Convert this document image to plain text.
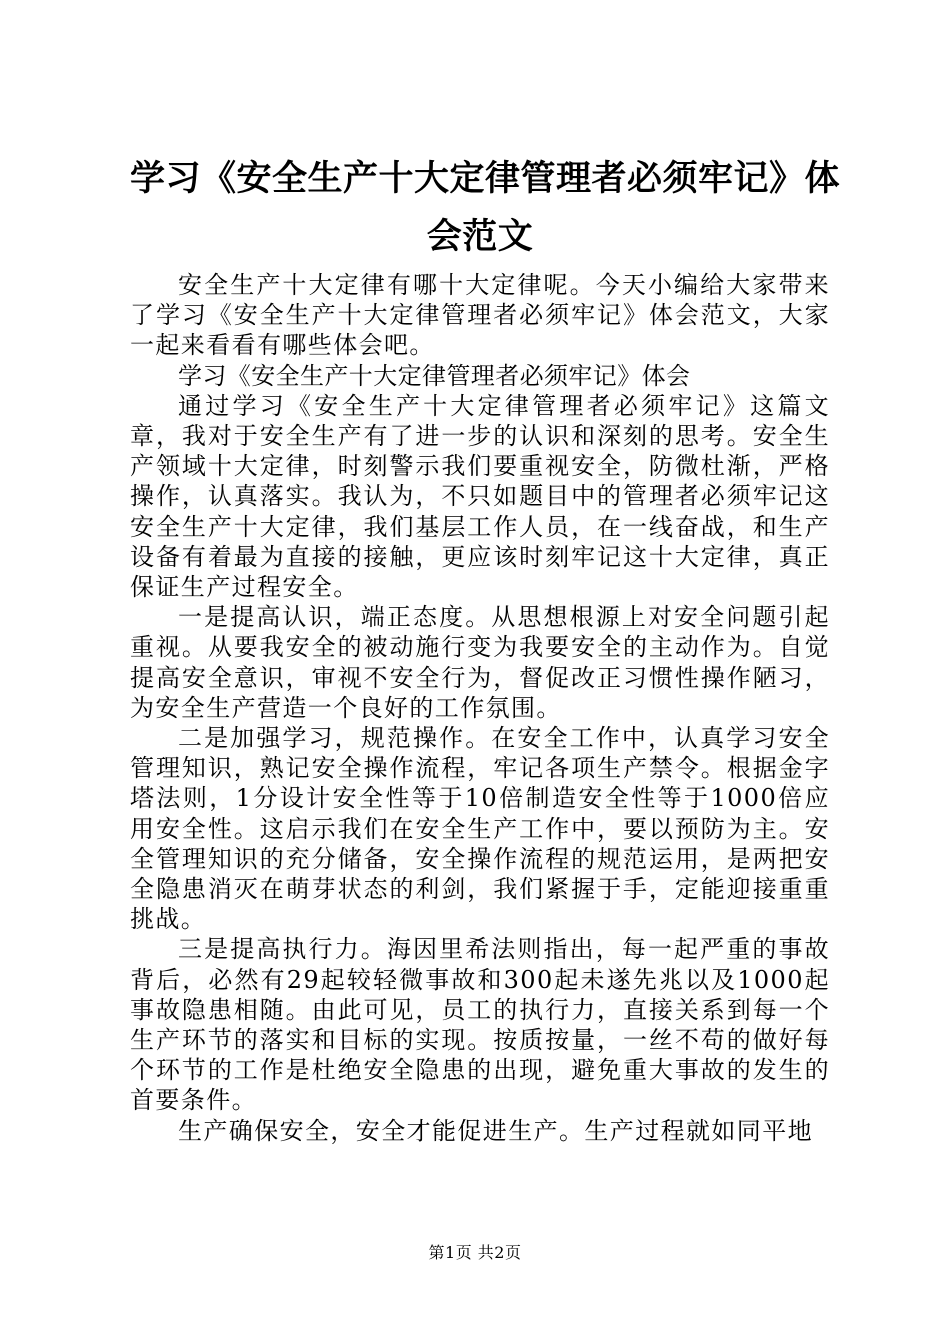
学习《安全生产十大定律管理者必须牢记》体
会范文

安全生产十大定律有哪十大定律呢。今天小编给大家带来了学习《安全生产十大定律管理者必须牢记》体会范文，大家一起来看看有哪些体会吧。

学习《安全生产十大定律管理者必须牢记》体会

通过学习《安全生产十大定律管理者必须牢记》这篇文章，我对于安全生产有了进一步的认识和深刻的思考。安全生产领域十大定律，时刻警示我们要重视安全，防微杜渐，严格操作，认真落实。我认为，不只如题目中的管理者必须牢记这安全生产十大定律，我们基层工作人员，在一线奋战，和生产设备有着最为直接的接触，更应该时刻牢记这十大定律，真正保证生产过程安全。

一是提高认识，端正态度。从思想根源上对安全问题引起重视。从要我安全的被动施行变为我要安全的主动作为。自觉提高安全意识，审视不安全行为，督促改正习惯性操作陋习，为安全生产营造一个良好的工作氛围。

二是加强学习，规范操作。在安全工作中，认真学习安全管理知识，熟记安全操作流程，牢记各项生产禁令。根据金字塔法则，1分设计安全性等于10倍制造安全性等于1000倍应用安全性。这启示我们在安全生产工作中，要以预防为主。安全管理知识的充分储备，安全操作流程的规范运用，是两把安全隐患消灭在萌芽状态的利剑，我们紧握于手，定能迎接重重挑战。

三是提高执行力。海因里希法则指出，每一起严重的事故背后，必然有29起较轻微事故和300起未遂先兆以及1000起事故隐患相随。由此可见，员工的执行力，直接关系到每一个生产环节的落实和目标的实现。按质按量，一丝不苟的做好每个环节的工作是杜绝安全隐患的出现，避免重大事故的发生的首要条件。

生产确保安全，安全才能促进生产。生产过程就如同平地

第1页 共2页
